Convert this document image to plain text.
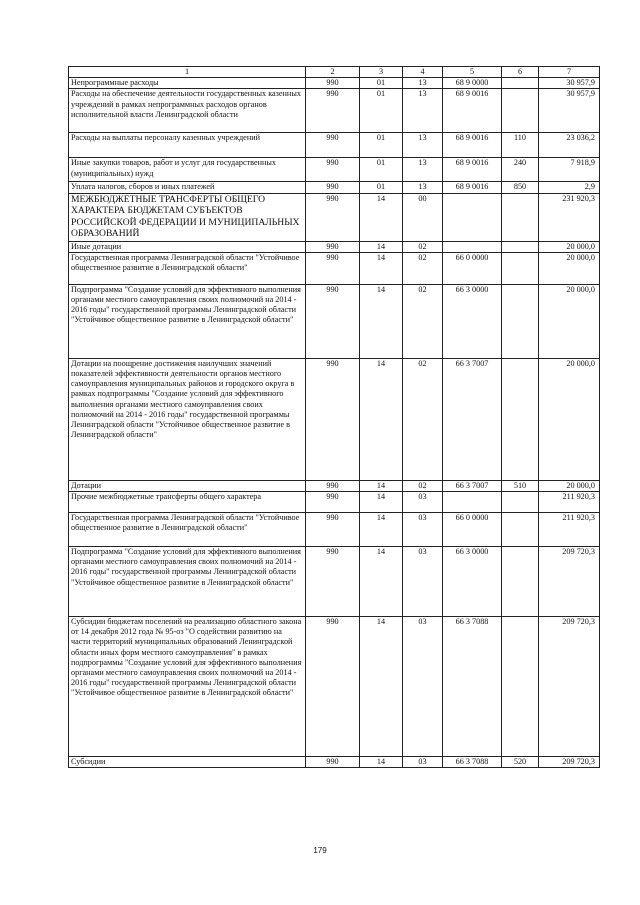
1	2	3	4	5	6	7
Непрограммные расходы	990	01	13	68 9 0000		30 957,9
Расходы на обеспечение деятельности государственных казенных учреждений в рамках непрограммных расходов органов исполнительной власти Ленинградской области	990	01	13	68 9 0016		30 957,9
Расходы на выплаты персоналу казенных учреждений	990	01	13	68 9 0016	110	23 036,2
Иные закупки товаров, работ и услуг для государственных (муниципальных) нужд	990	01	13	68 9 0016	240	7 918,9
Уплата налогов, сборов и иных платежей	990	01	13	68 9 0016	850	2,9
МЕЖБЮДЖЕТНЫЕ ТРАНСФЕРТЫ ОБЩЕГО ХАРАКТЕРА БЮДЖЕТАМ СУБЪЕКТОВ РОССИЙСКОЙ ФЕДЕРАЦИИ И МУНИЦИПАЛЬНЫХ ОБРАЗОВАНИЙ	990	14	00			231 920,3
Иные дотации	990	14	02			20 000,0
Государственная программа Ленинградской области "Устойчивое общественное развитие в Ленинградской области"	990	14	02	66 0 0000		20 000,0
Подпрограмма "Создание условий для эффективного выполнения органами местного самоуправления своих полномочий на 2014 - 2016 годы" государственной программы Ленинградской области "Устойчивое общественное развитие в Ленинградской области"	990	14	02	66 3 0000		20 000,0
Дотации на поощрение достижения наилучших значений показателей эффективности деятельности органов местного самоуправления муниципальных районов и городского округа в рамках подпрограммы "Создание условий для эффективного выполнения органами местного самоуправления своих полномочий на 2014 - 2016 годы" государственной программы Ленинградской области "Устойчивое общественное развитие в Ленинградской области"	990	14	02	66 3 7007		20 000,0
Дотации	990	14	02	66 3 7007	510	20 000,0
Прочие межбюджетные трансферты общего характера	990	14	03			211 920,3
Государственная программа Ленинградской области "Устойчивое общественное развитие в Ленинградской области"	990	14	03	66 0 0000		211 920,3
Подпрограмма "Создание условий для эффективного выполнения органами местного самоуправления своих полномочий на 2014 - 2016 годы" государственной программы Ленинградской области "Устойчивое общественное развитие в Ленинградской области"	990	14	03	66 3 0000		209 720,3
Субсидии бюджетам поселений на реализацию областного закона от 14 декабря 2012 года № 95-оз "О содействии развитию на части территорий муниципальных образований Ленинградской области иных форм местного самоуправления" в рамках подпрограммы "Создание условий для эффективного выполнения органами местного самоуправления своих полномочий на 2014 - 2016 годы" государственной программы Ленинградской области "Устойчивое общественное развитие в Ленинградской области"	990	14	03	66 3 7088		209 720,3
Субсидии	990	14	03	66 3 7088	520	209 720,3
179
